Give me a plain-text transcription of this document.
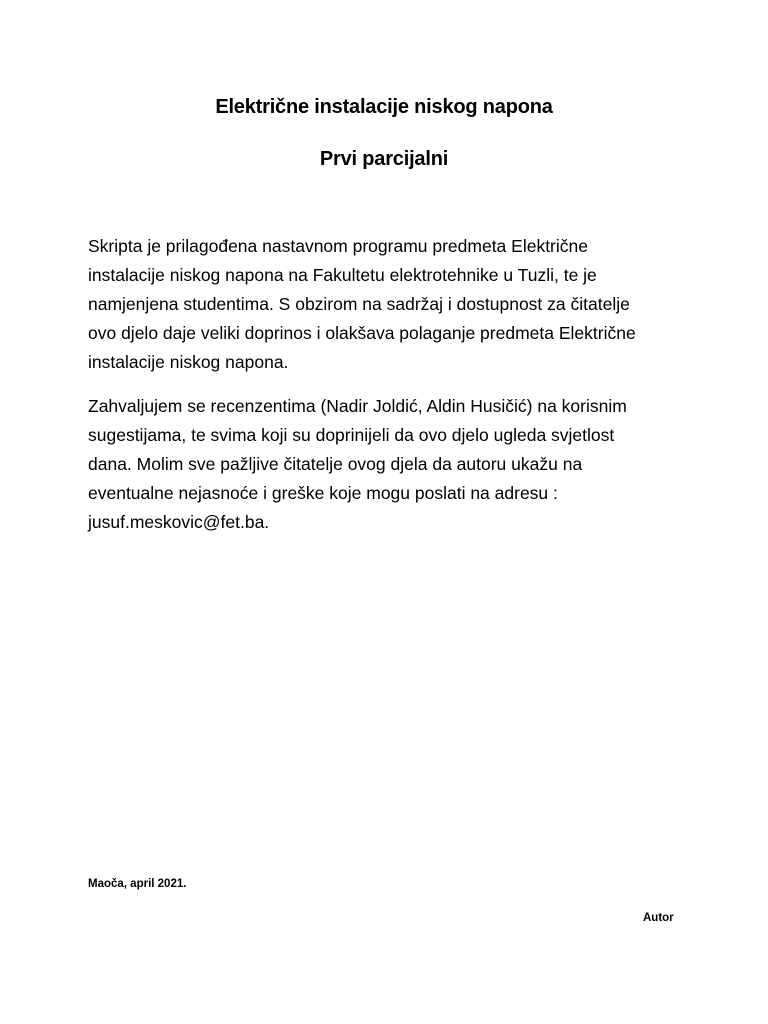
Električne instalacije niskog napona
Prvi parcijalni
Skripta je prilagođena nastavnom programu predmeta Električne
instalacije niskog napona na Fakultetu elektrotehnike u Tuzli, te je
namjenjena studentima. S obzirom na sadržaj i dostupnost za čitatelje
ovo djelo daje veliki doprinos i olakšava polaganje predmeta Električne
instalacije niskog napona.
Zahvaljujem se recenzentima (Nadir Joldić, Aldin Husičić) na korisnim
sugestijama, te svima koji su doprinijeli da ovo djelo ugleda svjetlost
dana. Molim sve pažljive čitatelje ovog djela da autoru ukažu na
eventualne nejasnoće i greške koje mogu poslati na adresu :
jusuf.meskovic@fet.ba.
Maoča, april 2021.
Autor
